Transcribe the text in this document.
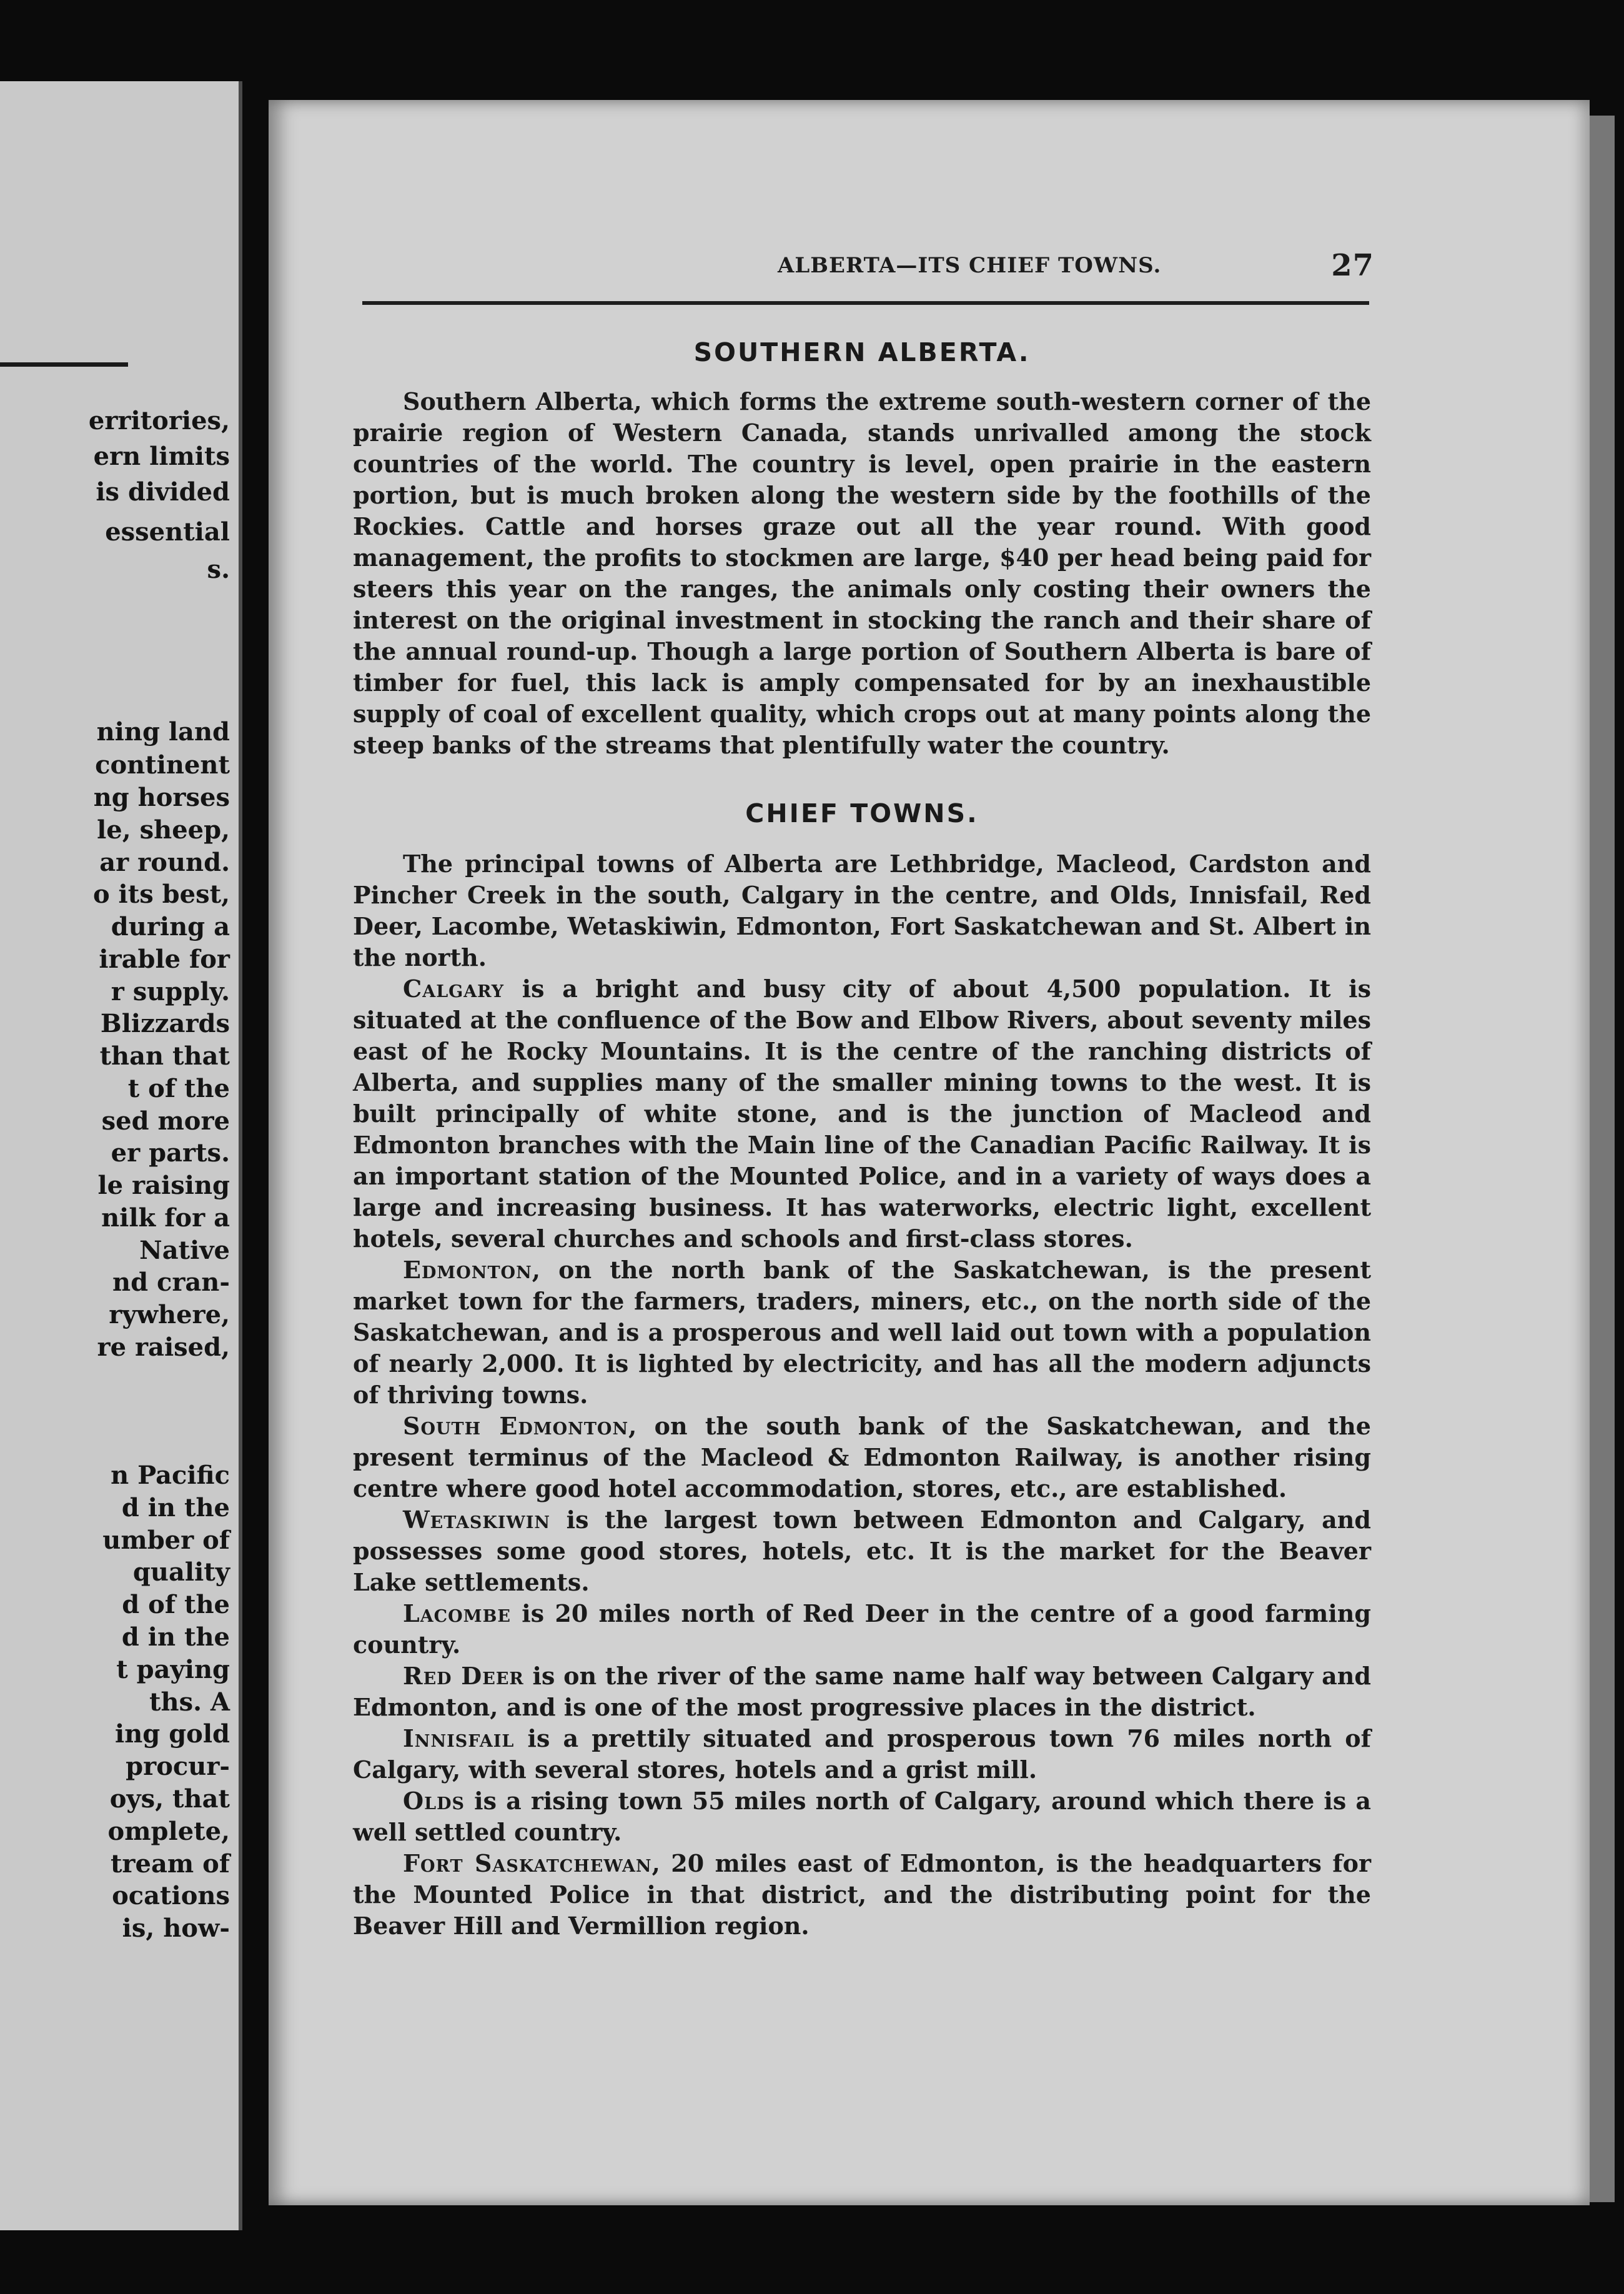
erritories,
ern limits
is divided
essential
s.
ning land
continent
ng horses
le, sheep,
ar round.
o its best,
during a
irable for
r supply.
Blizzards
than that
t of the
sed more
er parts.
le raising
nilk for a
Native
nd cran-
rywhere,
re raised,
n Pacific
d in the
umber of
quality
d of the
d in the
t paying
ths. A
ing gold
procur-
oys, that
omplete,
tream of
ocations
is, how-
ALBERTA—ITS CHIEF TOWNS.	27
SOUTHERN ALBERTA.

Southern Alberta, which forms the extreme south-western corner of the prairie region of Western Canada, stands unrivalled among the stock countries of the world. The country is level, open prairie in the eastern portion, but is much broken along the western side by the foothills of the Rockies. Cattle and horses graze out all the year round. With good management, the profits to stockmen are large, $40 per head being paid for steers this year on the ranges, the animals only costing their owners the interest on the original investment in stocking the ranch and their share of the annual round-up. Though a large portion of Southern Alberta is bare of timber for fuel, this lack is amply compensated for by an inexhaustible supply of coal of excellent quality, which crops out at many points along the steep banks of the streams that plentifully water the country.

CHIEF TOWNS.

The principal towns of Alberta are Lethbridge, Macleod, Cardston and Pincher Creek in the south, Calgary in the centre, and Olds, Innisfail, Red Deer, Lacombe, Wetaskiwin, Edmonton, Fort Saskatchewan and St. Albert in the north.

Calgary is a bright and busy city of about 4,500 population. It is situated at the confluence of the Bow and Elbow Rivers, about seventy miles east of he Rocky Mountains. It is the centre of the ranching districts of Alberta, and supplies many of the smaller mining towns to the west. It is built principally of white stone, and is the junction of Macleod and Edmonton branches with the Main line of the Canadian Pacific Railway. It is an important station of the Mounted Police, and in a variety of ways does a large and increasing business. It has waterworks, electric light, excellent hotels, several churches and schools and first-class stores.

Edmonton, on the north bank of the Saskatchewan, is the present market town for the farmers, traders, miners, etc., on the north side of the Saskatchewan, and is a prosperous and well laid out town with a population of nearly 2,000. It is lighted by electricity, and has all the modern adjuncts of thriving towns.

South Edmonton, on the south bank of the Saskatchewan, and the present terminus of the Macleod & Edmonton Railway, is another rising centre where good hotel accommodation, stores, etc., are established.

Wetaskiwin is the largest town between Edmonton and Calgary, and possesses some good stores, hotels, etc. It is the market for the Beaver Lake settlements.

Lacombe is 20 miles north of Red Deer in the centre of a good farming country.

Red Deer is on the river of the same name half way between Calgary and Edmonton, and is one of the most progressive places in the district.

Innisfail is a prettily situated and prosperous town 76 miles north of Calgary, with several stores, hotels and a grist mill.

Olds is a rising town 55 miles north of Calgary, around which there is a well settled country.

Fort Saskatchewan, 20 miles east of Edmonton, is the headquarters for the Mounted Police in that district, and the distributing point for the Beaver Hill and Vermillion region.
